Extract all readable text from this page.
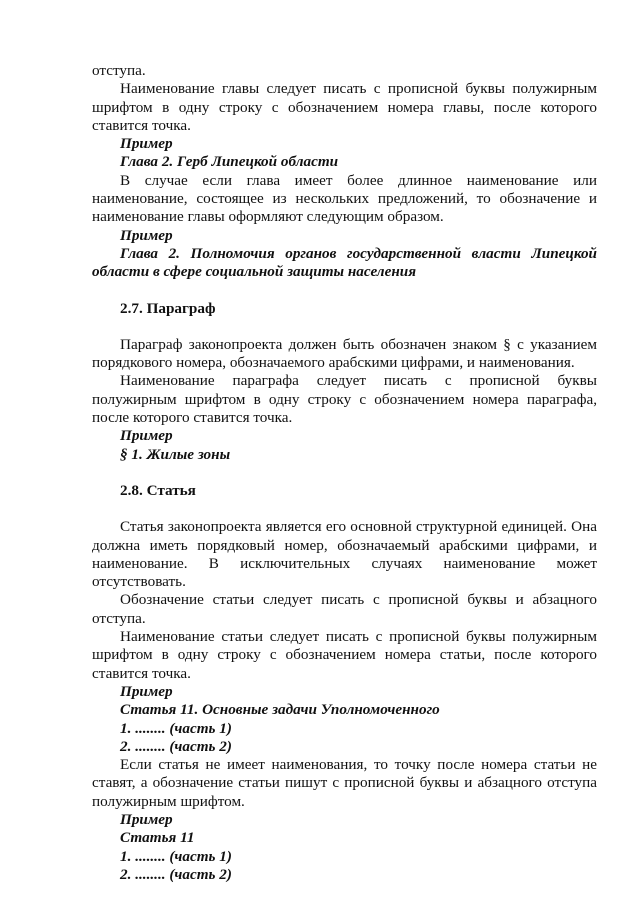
отступа.

Наименование главы следует писать с прописной буквы полужирным шрифтом в одну строку с обозначением номера главы, после которого ставится точка.

Пример

Глава 2. Герб Липецкой области

В случае если глава имеет более длинное наименование или наименование, состоящее из нескольких предложений, то обозначение и наименование главы оформляют следующим образом.

Пример

Глава 2. Полномочия органов государственной власти Липецкой области в сфере социальной защиты населения

2.7. Параграф

Параграф законопроекта должен быть обозначен знаком § с указанием порядкового номера, обозначаемого арабскими цифрами, и наименования.

Наименование параграфа следует писать с прописной буквы полужирным шрифтом в одну строку с обозначением номера параграфа, после которого ставится точка.

Пример

§ 1. Жилые зоны

2.8. Статья

Статья законопроекта является его основной структурной единицей. Она должна иметь порядковый номер, обозначаемый арабскими цифрами, и наименование. В исключительных случаях наименование может отсутствовать.

Обозначение статьи следует писать с прописной буквы и абзацного отступа.

Наименование статьи следует писать с прописной буквы полужирным шрифтом в одну строку с обозначением номера статьи, после которого ставится точка.

Пример

Статья 11. Основные задачи Уполномоченного

1. ........ (часть 1)

2. ........ (часть 2)

Если статья не имеет наименования, то точку после номера статьи не ставят, а обозначение статьи пишут с прописной буквы и абзацного отступа полужирным шрифтом.

Пример

Статья 11

1. ........ (часть 1)

2. ........ (часть 2)
